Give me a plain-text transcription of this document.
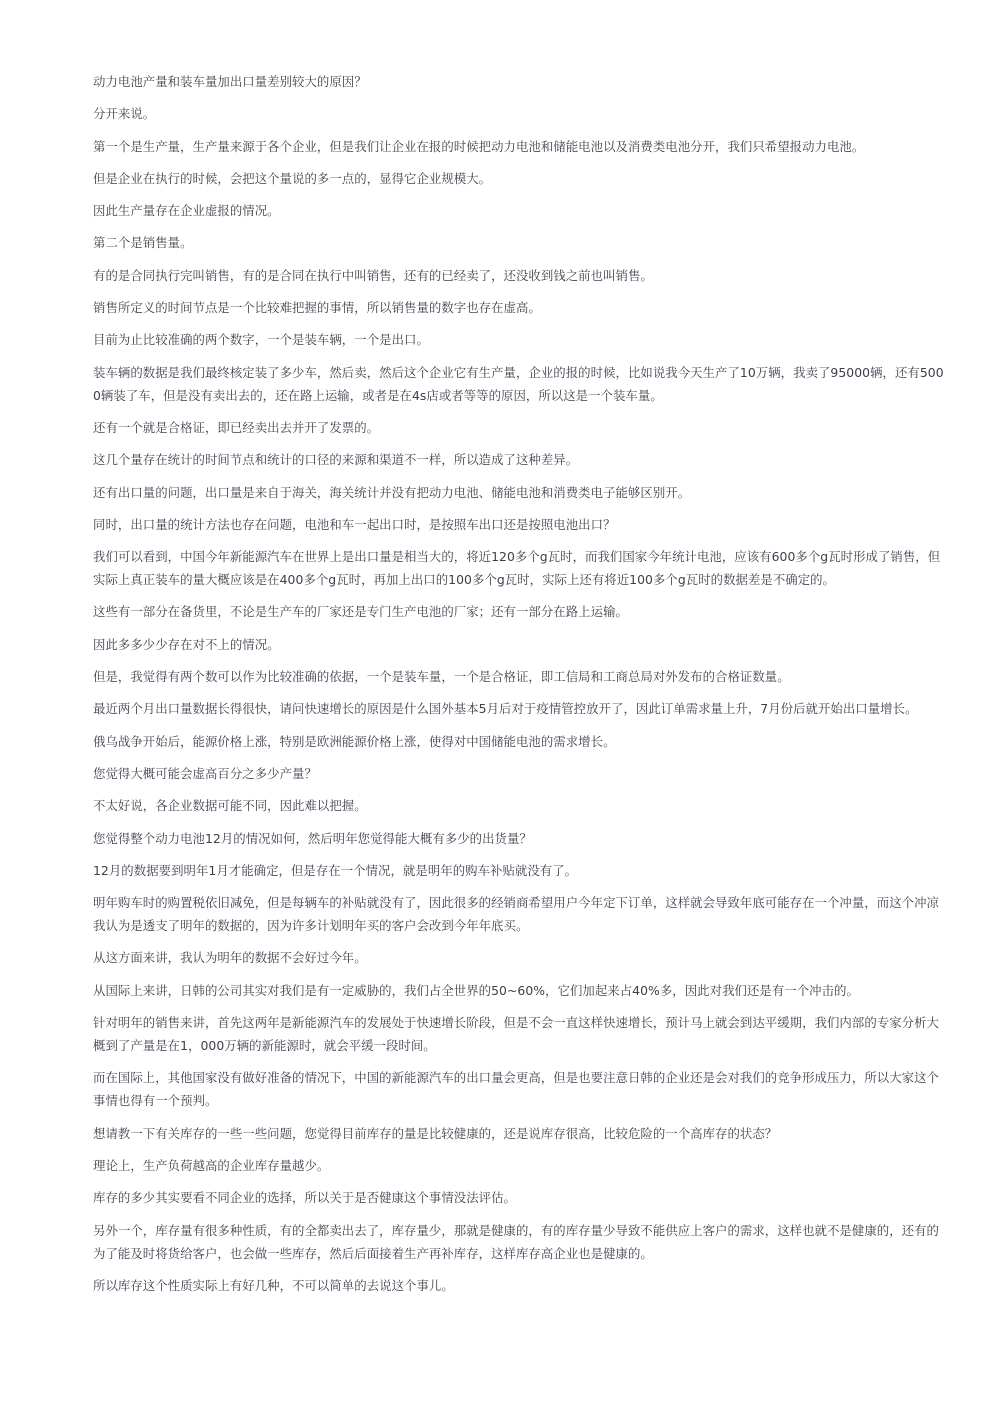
动力电池产量和装车量加出口量差别较大的原因？

分开来说。

第一个是生产量，生产量来源于各个企业，但是我们让企业在报的时候把动力电池和储能电池以及消费类电池分开，我们只希望报动力电池。

但是企业在执行的时候，会把这个量说的多一点的，显得它企业规模大。

因此生产量存在企业虚报的情况。

第二个是销售量。

有的是合同执行完叫销售，有的是合同在执行中叫销售，还有的已经卖了，还没收到钱之前也叫销售。

销售所定义的时间节点是一个比较难把握的事情，所以销售量的数字也存在虚高。

目前为止比较准确的两个数字，一个是装车辆，一个是出口。

装车辆的数据是我们最终核定装了多少车，然后卖，然后这个企业它有生产量，企业的报的时候，比如说我今天生产了10万辆，我卖了95000辆，还有5000辆装了车，但是没有卖出去的，还在路上运输，或者是在4s店或者等等的原因，所以这是一个装车量。

还有一个就是合格证，即已经卖出去并开了发票的。

这几个量存在统计的时间节点和统计的口径的来源和渠道不一样，所以造成了这种差异。

还有出口量的问题，出口量是来自于海关，海关统计并没有把动力电池、储能电池和消费类电子能够区别开。

同时，出口量的统计方法也存在问题，电池和车一起出口时，是按照车出口还是按照电池出口？

我们可以看到，中国今年新能源汽车在世界上是出口量是相当大的，将近120多个g瓦时，而我们国家今年统计电池，应该有600多个g瓦时形成了销售，但实际上真正装车的量大概应该是在400多个g瓦时，再加上出口的100多个g瓦时，实际上还有将近100多个g瓦时的数据差是不确定的。

这些有一部分在备货里，不论是生产车的厂家还是专门生产电池的厂家；还有一部分在路上运输。

因此多多少少存在对不上的情况。

但是，我觉得有两个数可以作为比较准确的依据，一个是装车量，一个是合格证，即工信局和工商总局对外发布的合格证数量。

最近两个月出口量数据长得很快，请问快速增长的原因是什么国外基本5月后对于疫情管控放开了，因此订单需求量上升，7月份后就开始出口量增长。

俄乌战争开始后，能源价格上涨，特别是欧洲能源价格上涨，使得对中国储能电池的需求增长。

您觉得大概可能会虚高百分之多少产量？

不太好说，各企业数据可能不同，因此难以把握。

您觉得整个动力电池12月的情况如何，然后明年您觉得能大概有多少的出货量？

12月的数据要到明年1月才能确定，但是存在一个情况，就是明年的购车补贴就没有了。

明年购车时的购置税依旧减免，但是每辆车的补贴就没有了，因此很多的经销商希望用户今年定下订单，这样就会导致年底可能存在一个冲量，而这个冲凉我认为是透支了明年的数据的，因为许多计划明年买的客户会改到今年年底买。

从这方面来讲，我认为明年的数据不会好过今年。

从国际上来讲，日韩的公司其实对我们是有一定威胁的，我们占全世界的50~60%，它们加起来占40%多，因此对我们还是有一个冲击的。

针对明年的销售来讲，首先这两年是新能源汽车的发展处于快速增长阶段，但是不会一直这样快速增长，预计马上就会到达平缓期，我们内部的专家分析大概到了产量是在1，000万辆的新能源时，就会平缓一段时间。

而在国际上，其他国家没有做好准备的情况下，中国的新能源汽车的出口量会更高，但是也要注意日韩的企业还是会对我们的竞争形成压力，所以大家这个事情也得有一个预判。

想请教一下有关库存的一些一些问题，您觉得目前库存的量是比较健康的，还是说库存很高，比较危险的一个高库存的状态？

理论上，生产负荷越高的企业库存量越少。

库存的多少其实要看不同企业的选择，所以关于是否健康这个事情没法评估。

另外一个，库存量有很多种性质，有的全都卖出去了，库存量少，那就是健康的，有的库存量少导致不能供应上客户的需求，这样也就不是健康的，还有的为了能及时将货给客户，也会做一些库存，然后后面接着生产再补库存，这样库存高企业也是健康的。

所以库存这个性质实际上有好几种，不可以简单的去说这个事儿。
